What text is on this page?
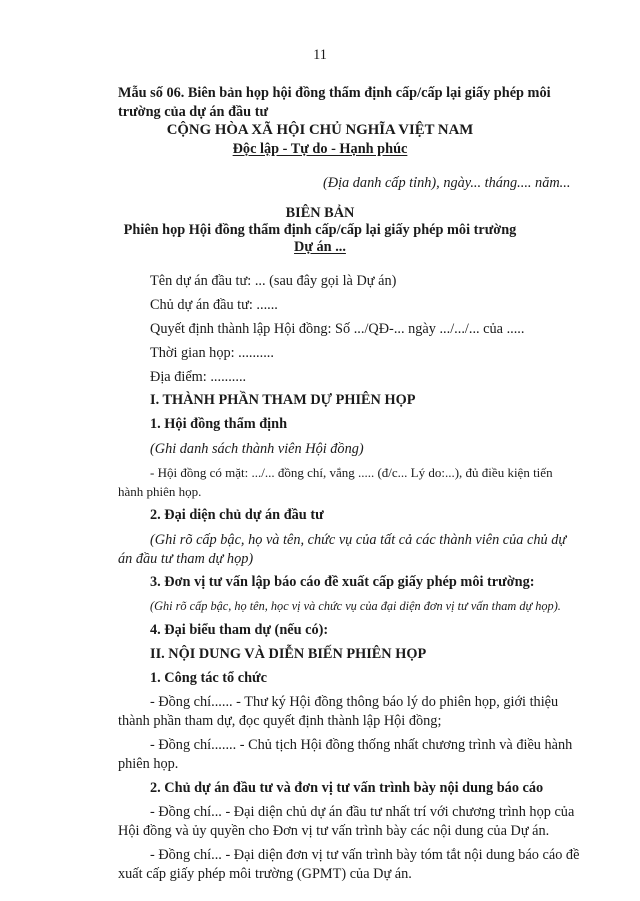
11
Mẫu số 06. Biên bản họp hội đồng thẩm định cấp/cấp lại giấy phép môi
trường của dự án đầu tư
CỘNG HÒA XÃ HỘI CHỦ NGHĨA VIỆT NAM
Độc lập - Tự do - Hạnh phúc
(Địa danh cấp tỉnh), ngày... tháng.... năm...
BIÊN BẢN
Phiên họp Hội đồng thẩm định cấp/cấp lại giấy phép môi trường
Dự án ...
Tên dự án đầu tư: ... (sau đây gọi là Dự án)
Chủ dự án đầu tư: ......
Quyết định thành lập Hội đồng: Số .../QĐ-... ngày .../.../... của .....
Thời gian họp: ..........
Địa điểm: ..........
I. THÀNH PHẦN THAM DỰ PHIÊN HỌP
1. Hội đồng thẩm định
(Ghi danh sách thành viên Hội đồng)
- Hội đồng có mặt: .../... đồng chí, vắng ..... (đ/c... Lý do:...), đủ điều kiện tiến
hành phiên họp.
2. Đại diện chủ dự án đầu tư
(Ghi rõ cấp bậc, họ và tên, chức vụ của tất cả các thành viên của chủ dự
án đầu tư tham dự họp)
3. Đơn vị tư vấn lập báo cáo đề xuất cấp giấy phép môi trường:
(Ghi rõ cấp bậc, họ tên, học vị và chức vụ của đại diện đơn vị tư vấn tham dự họp).
4. Đại biểu tham dự (nếu có):
II. NỘI DUNG VÀ DIỄN BIẾN PHIÊN HỌP
1. Công tác tổ chức
- Đồng chí...... - Thư ký Hội đồng thông báo lý do phiên họp, giới thiệu
thành phần tham dự, đọc quyết định thành lập Hội đồng;
- Đồng chí....... - Chủ tịch Hội đồng thống nhất chương trình và điều hành
phiên họp.
2. Chủ dự án đầu tư và đơn vị tư vấn trình bày nội dung báo cáo
- Đồng chí... - Đại diện chủ dự án đầu tư nhất trí với chương trình họp của
Hội đồng và ủy quyền cho Đơn vị tư vấn trình bày các nội dung của Dự án.
- Đồng chí... - Đại diện đơn vị tư vấn trình bày tóm tắt nội dung báo cáo đề
xuất cấp giấy phép môi trường (GPMT) của Dự án.
